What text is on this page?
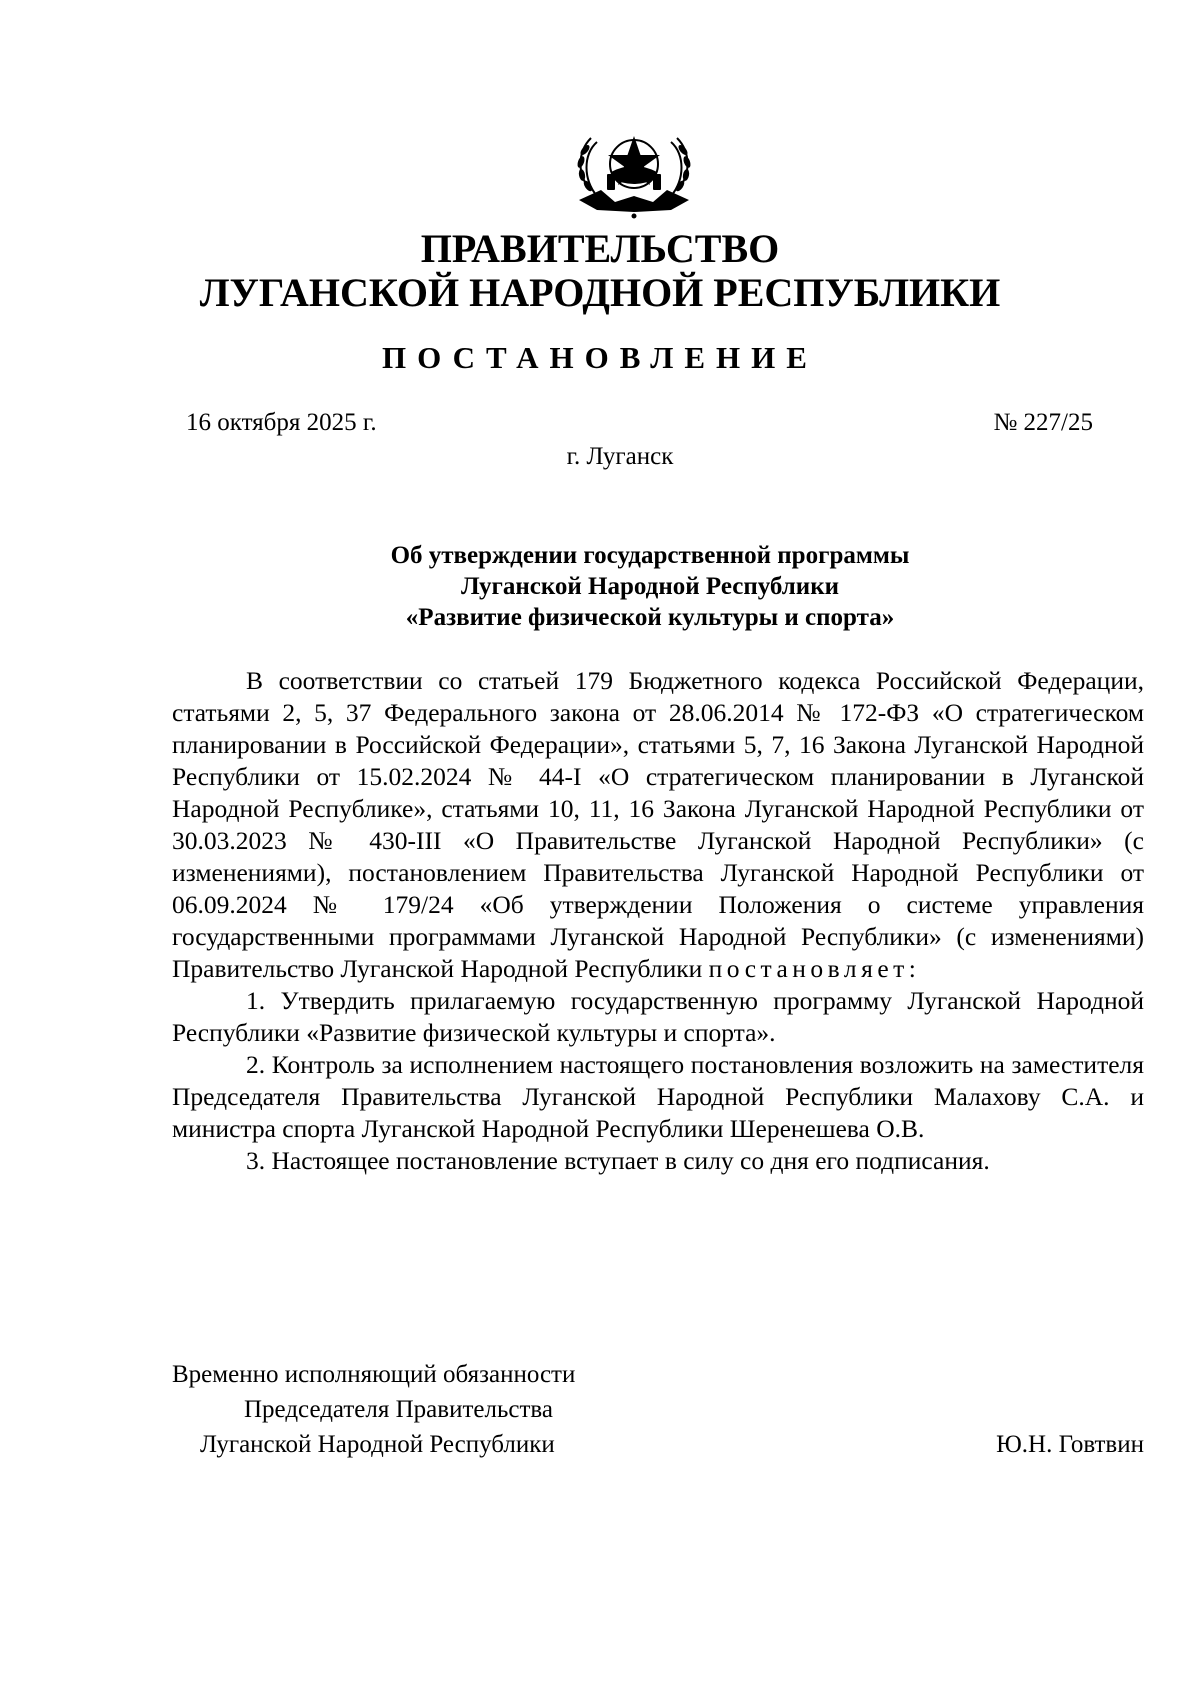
ПРАВИТЕЛЬСТВО
ЛУГАНСКОЙ НАРОДНОЙ РЕСПУБЛИКИ
ПОСТАНОВЛЕНИЕ
16 октября 2025 г.	№ 227/25
г. Луганск
Об утверждении государственной программы
Луганской Народной Республики
«Развитие физической культуры и спорта»

В соответствии со статьей 179 Бюджетного кодекса Российской Федерации, статьями 2, 5, 37 Федерального закона от 28.06.2014 № 172-ФЗ «О стратегическом планировании в Российской Федерации», статьями 5, 7, 16 Закона Луганской Народной Республики от 15.02.2024 № 44-I «О стратегическом планировании в Луганской Народной Республике», статьями 10, 11, 16 Закона Луганской Народной Республики от 30.03.2023 № 430-III «О Правительстве Луганской Народной Республики» (с изменениями), постановлением Правительства Луганской Народной Республики от 06.09.2024 № 179/24 «Об утверждении Положения о системе управления государственными программами Луганской Народной Республики» (с изменениями) Правительство Луганской Народной Республики постановляет:

1. Утвердить прилагаемую государственную программу Луганской Народной Республики «Развитие физической культуры и спорта».

2. Контроль за исполнением настоящего постановления возложить на заместителя Председателя Правительства Луганской Народной Республики Малахову С.А. и министра спорта Луганской Народной Республики Шеренешева О.В.

3. Настоящее постановление вступает в силу со дня его подписания.

Временно исполняющий обязанности
Председателя Правительства
Луганской Народной Республики	Ю.Н. Говтвин
